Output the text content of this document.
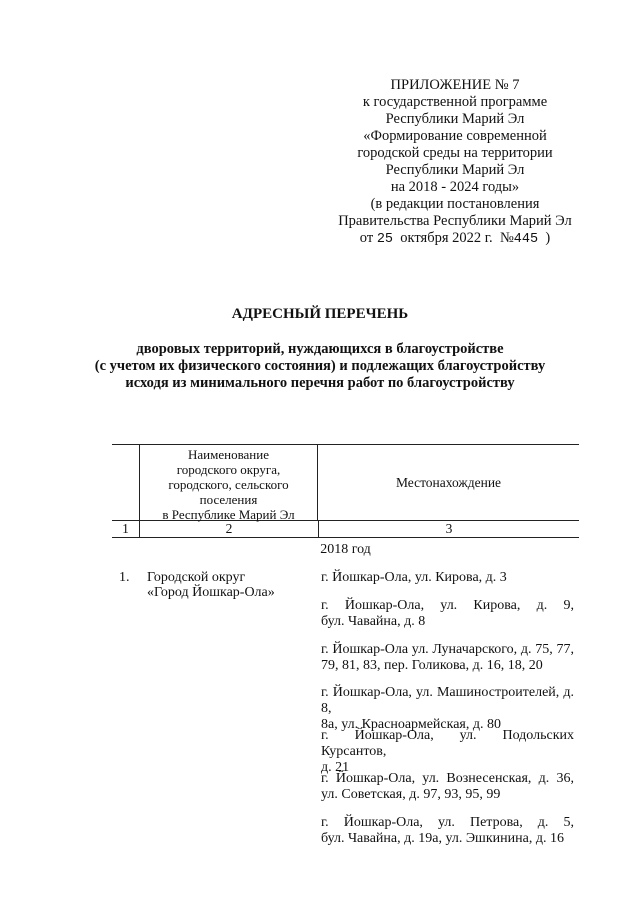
ПРИЛОЖЕНИЕ № 7
к государственной программе
Республики Марий Эл
«Формирование современной
городской среды на территории
Республики Марий Эл
на 2018 - 2024 годы»
(в редакции постановления
Правительства Республики Марий Эл
от 25 октября 2022 г. №445 )
АДРЕСНЫЙ ПЕРЕЧЕНЬ
дворовых территорий, нуждающихся в благоустройстве
(с учетом их физического состояния) и подлежащих благоустройству
исходя из минимального перечня работ по благоустройству
Наименование
городского округа,
городского, сельского
поселения
в Республике Марий Эл
Местонахождение
1	2	3
2018 год
1. Городской округ
«Город Йошкар-Ола»
г. Йошкар-Ола, ул. Кирова, д. 3
г. Йошкар-Ола, ул. Кирова, д. 9,
бул. Чавайна, д. 8
г. Йошкар-Ола ул. Луначарского, д. 75, 77,
79, 81, 83, пер. Голикова, д. 16, 18, 20
г. Йошкар-Ола, ул. Машиностроителей, д. 8,
8а, ул. Красноармейская, д. 80
г. Йошкар-Ола, ул. Подольских Курсантов,
д. 21
г. Йошкар-Ола, ул. Вознесенская, д. 36,
ул. Советская, д. 97, 93, 95, 99
г. Йошкар-Ола, ул. Петрова, д. 5,
бул. Чавайна, д. 19а, ул. Эшкинина, д. 16
